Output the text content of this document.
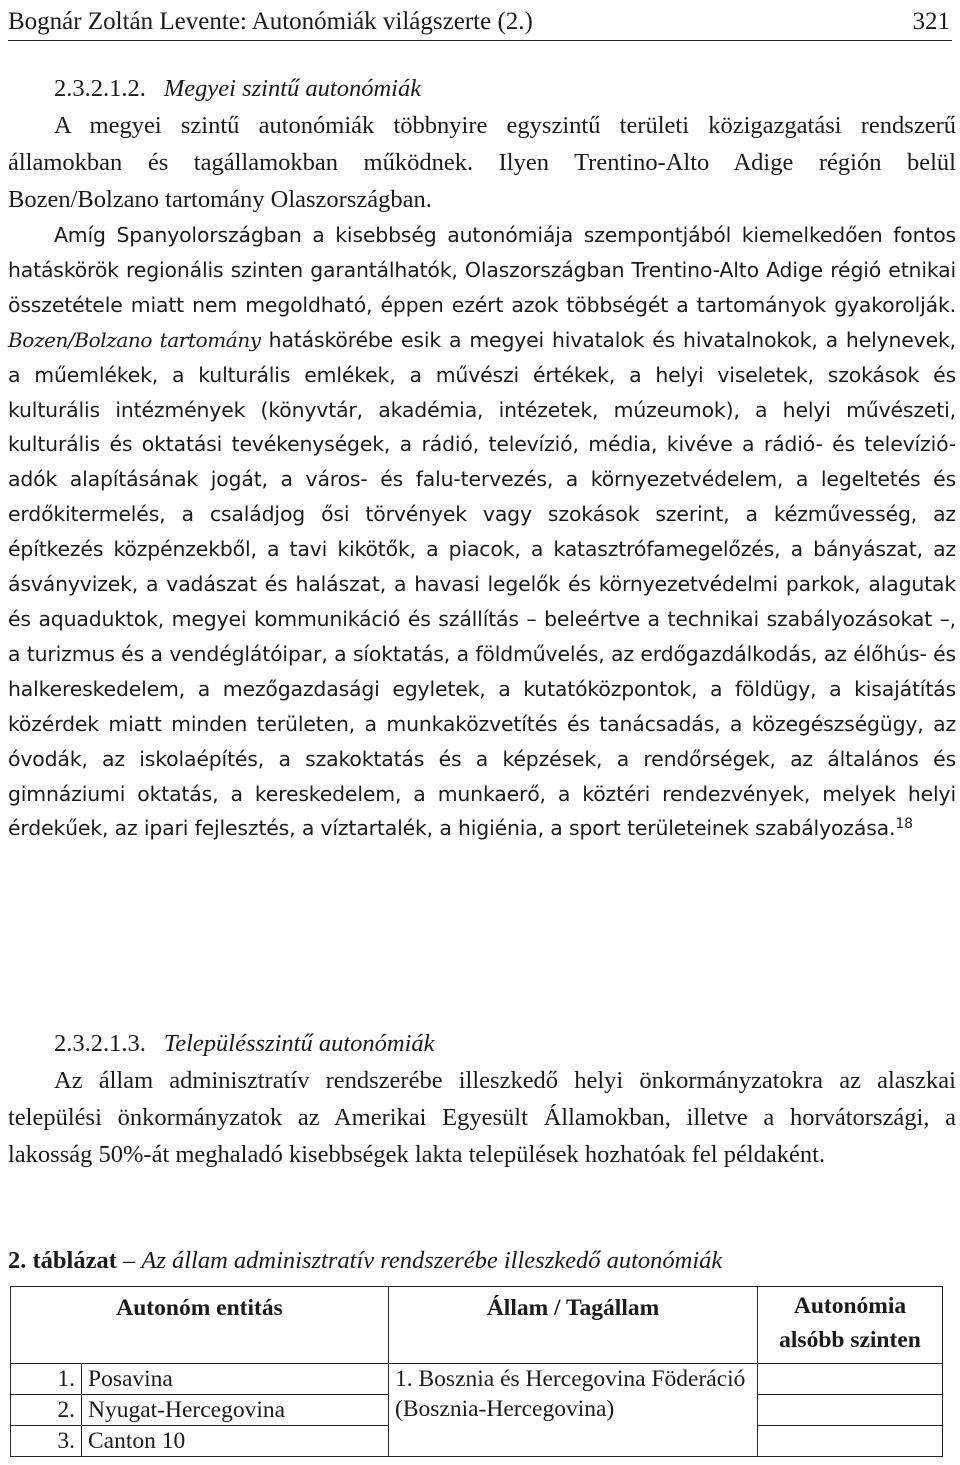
Bognár Zoltán Levente: Autonómiák világszerte (2.)	321
2.3.2.1.2. Megyei szintű autonómiák
A megyei szintű autonómiák többnyire egyszintű területi közigazgatási rendszerű államokban és tagállamokban működnek. Ilyen Trentino-Alto Adige régión belül Bozen/Bolzano tartomány Olaszországban.
Amíg Spanyolországban a kisebbség autonómiája szempontjából kiemelkedően fontos hatáskörök regionális szinten garantálhatók, Olaszországban Trentino-Alto Adige régió etnikai összetétele miatt nem megoldható, éppen ezért azok többségét a tartományok gyakorolják. Bozen/Bolzano tartomány hatáskörébe esik a megyei hivatalok és hivatalnokok, a helynevek, a műemlékek, a kulturális emlékek, a művészi értékek, a helyi viseletek, szokások és kulturális intézmények (könyvtár, akadémia, intézetek, múzeumok), a helyi művészeti, kulturális és oktatási tevékenységek, a rádió, televízió, média, kivéve a rádió- és televízió-adók alapításának jogát, a város- és falu-tervezés, a környezetvédelem, a legeltetés és erdőkitermelés, a családjog ősi törvények vagy szokások szerint, a kézművesség, az építkezés közpénzekből, a tavi kikötők, a piacok, a katasztrófamegelőzés, a bányászat, az ásványvizek, a vadászat és halászat, a havasi legelők és környezetvédelmi parkok, alagutak és aquaduktok, megyei kommunikáció és szállítás – beleértve a technikai szabályozásokat –, a turizmus és a vendéglátóipar, a síoktatás, a földművelés, az erdőgazdálkodás, az élőhús- és halkereskedelem, a mezőgazdasági egyletek, a kutatóközpontok, a földügy, a kisajátítás közérdek miatt minden területen, a munkaközvetítés és tanácsadás, a közegészségügy, az óvodák, az iskolaépítés, a szakoktatás és a képzések, a rendőrségek, az általános és gimnáziumi oktatás, a kereskedelem, a munkaerő, a köztéri rendezvények, melyek helyi érdekűek, az ipari fejlesztés, a víztartalék, a higiénia, a sport területeinek szabályozása.$^{18}$
2.3.2.1.3. Településszintű autonómiák
Az állam adminisztratív rendszerébe illeszkedő helyi önkormányzatokra az alaszkai települési önkormányzatok az Amerikai Egyesült Államokban, illetve a horvátországi, a lakosság 50%-át meghaladó kisebbségek lakta települések hozhatóak fel példaként.
2. táblázat – Az állam adminisztratív rendszerébe illeszkedő autonómiák
Autonóm entitás		Állam / Tagállam	Autonómia alsóbb szinten
1.	Posavina	1. Bosznia és Hercegovina Föderáció (Bosznia-Hercegovina)	
2.	Nyugat-Hercegovina		
3.	Canton 10		
